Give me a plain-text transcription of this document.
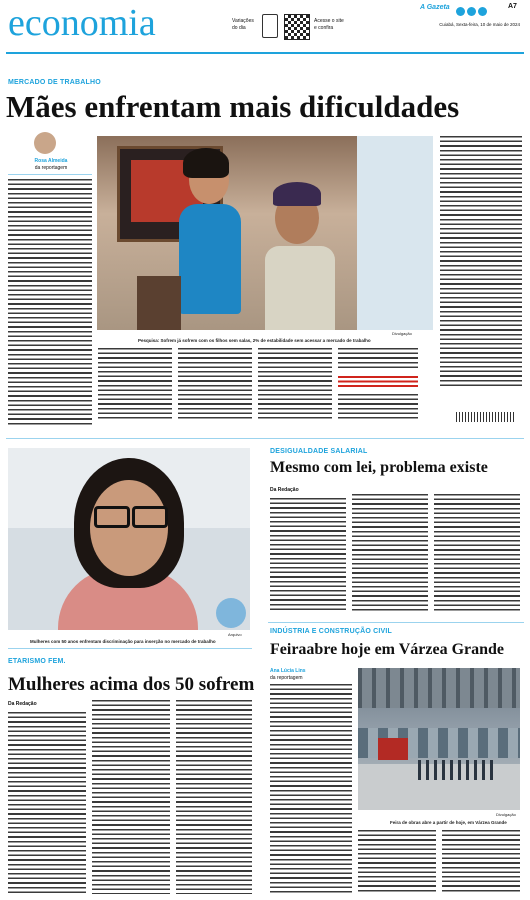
economia	Variações
do dia
Acesse o site
e confira
A Gazeta	A7
Cuiabá, Sexta-feira, 10 de maio de 2024
MERCADO DE TRABALHO
Mães enfrentam mais dificuldades
Rosa Almeida
da reportagem
Divulgação
Pesquisa: Sofrem já sofrem com os filhos sem salas, 2% de estabilidade sem acessar a mercado de trabalho
Arquivo
Mulheres com 50 anos enfrentam discriminação para inserção no mercado de trabalho
DESIGUALDADE SALARIAL
Mesmo com lei, problema existe
Da Redação
INDÚSTRIA E CONSTRUÇÃO CIVIL
Feiraabre hoje em Várzea Grande
Ana Lúcia Lins
da reportagem
Divulgação
Feira de obras abre a partir de hoje, em Várzea Grande
ETARISMO FEM.
Mulheres acima dos 50 sofrem
Da Redação
